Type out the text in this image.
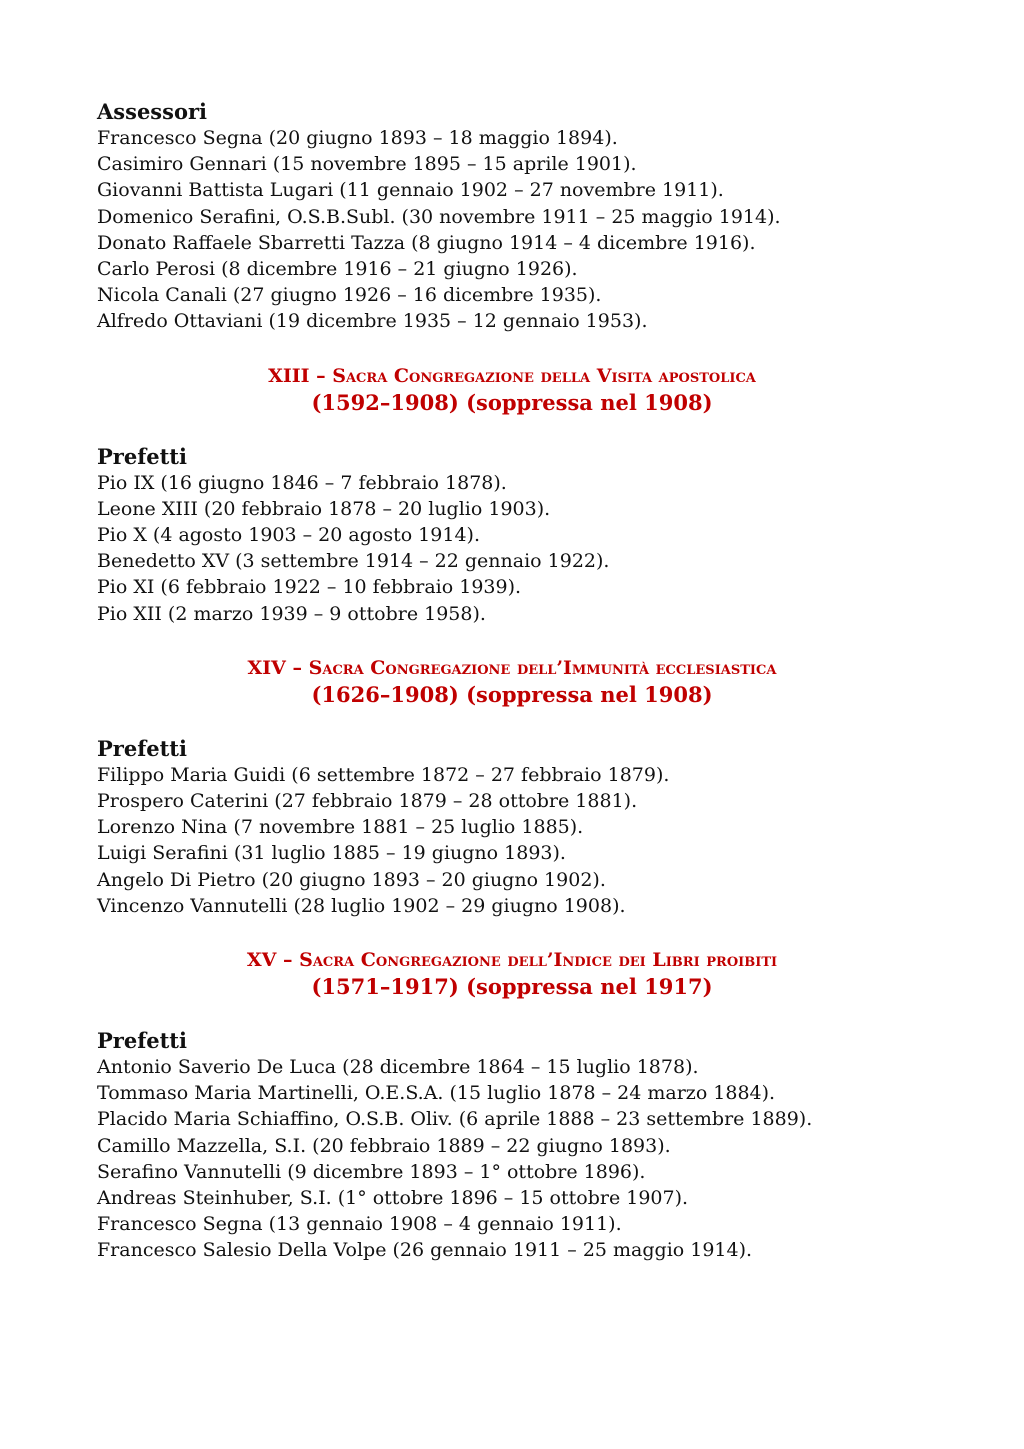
Assessori

Francesco Segna (20 giugno 1893 – 18 maggio 1894).

Casimiro Gennari (15 novembre 1895 – 15 aprile 1901).

Giovanni Battista Lugari (11 gennaio 1902 – 27 novembre 1911).

Domenico Serafini, O.S.B.Subl. (30 novembre 1911 – 25 maggio 1914).

Donato Raffaele Sbarretti Tazza (8 giugno 1914 – 4 dicembre 1916).

Carlo Perosi (8 dicembre 1916 – 21 giugno 1926).

Nicola Canali (27 giugno 1926 – 16 dicembre 1935).

Alfredo Ottaviani (19 dicembre 1935 – 12 gennaio 1953).

XIII – Sacra Congregazione della Visita apostolica
(1592–1908) (soppressa nel 1908)

Prefetti

Pio IX (16 giugno 1846 – 7 febbraio 1878).

Leone XIII (20 febbraio 1878 – 20 luglio 1903).

Pio X (4 agosto 1903 – 20 agosto 1914).

Benedetto XV (3 settembre 1914 – 22 gennaio 1922).

Pio XI (6 febbraio 1922 – 10 febbraio 1939).

Pio XII (2 marzo 1939 – 9 ottobre 1958).

XIV – Sacra Congregazione dell’Immunità ecclesiastica
(1626–1908) (soppressa nel 1908)

Prefetti

Filippo Maria Guidi (6 settembre 1872 – 27 febbraio 1879).

Prospero Caterini (27 febbraio 1879 – 28 ottobre 1881).

Lorenzo Nina (7 novembre 1881 – 25 luglio 1885).

Luigi Serafini (31 luglio 1885 – 19 giugno 1893).

Angelo Di Pietro (20 giugno 1893 – 20 giugno 1902).

Vincenzo Vannutelli (28 luglio 1902 – 29 giugno 1908).

XV – Sacra Congregazione dell’Indice dei Libri proibiti
(1571–1917) (soppressa nel 1917)

Prefetti

Antonio Saverio De Luca (28 dicembre 1864 – 15 luglio 1878).

Tommaso Maria Martinelli, O.E.S.A. (15 luglio 1878 – 24 marzo 1884).

Placido Maria Schiaffino, O.S.B. Oliv. (6 aprile 1888 – 23 settembre 1889).

Camillo Mazzella, S.I. (20 febbraio 1889 – 22 giugno 1893).

Serafino Vannutelli (9 dicembre 1893 – 1° ottobre 1896).

Andreas Steinhuber, S.I. (1° ottobre 1896 – 15 ottobre 1907).

Francesco Segna (13 gennaio 1908 – 4 gennaio 1911).

Francesco Salesio Della Volpe (26 gennaio 1911 – 25 maggio 1914).
